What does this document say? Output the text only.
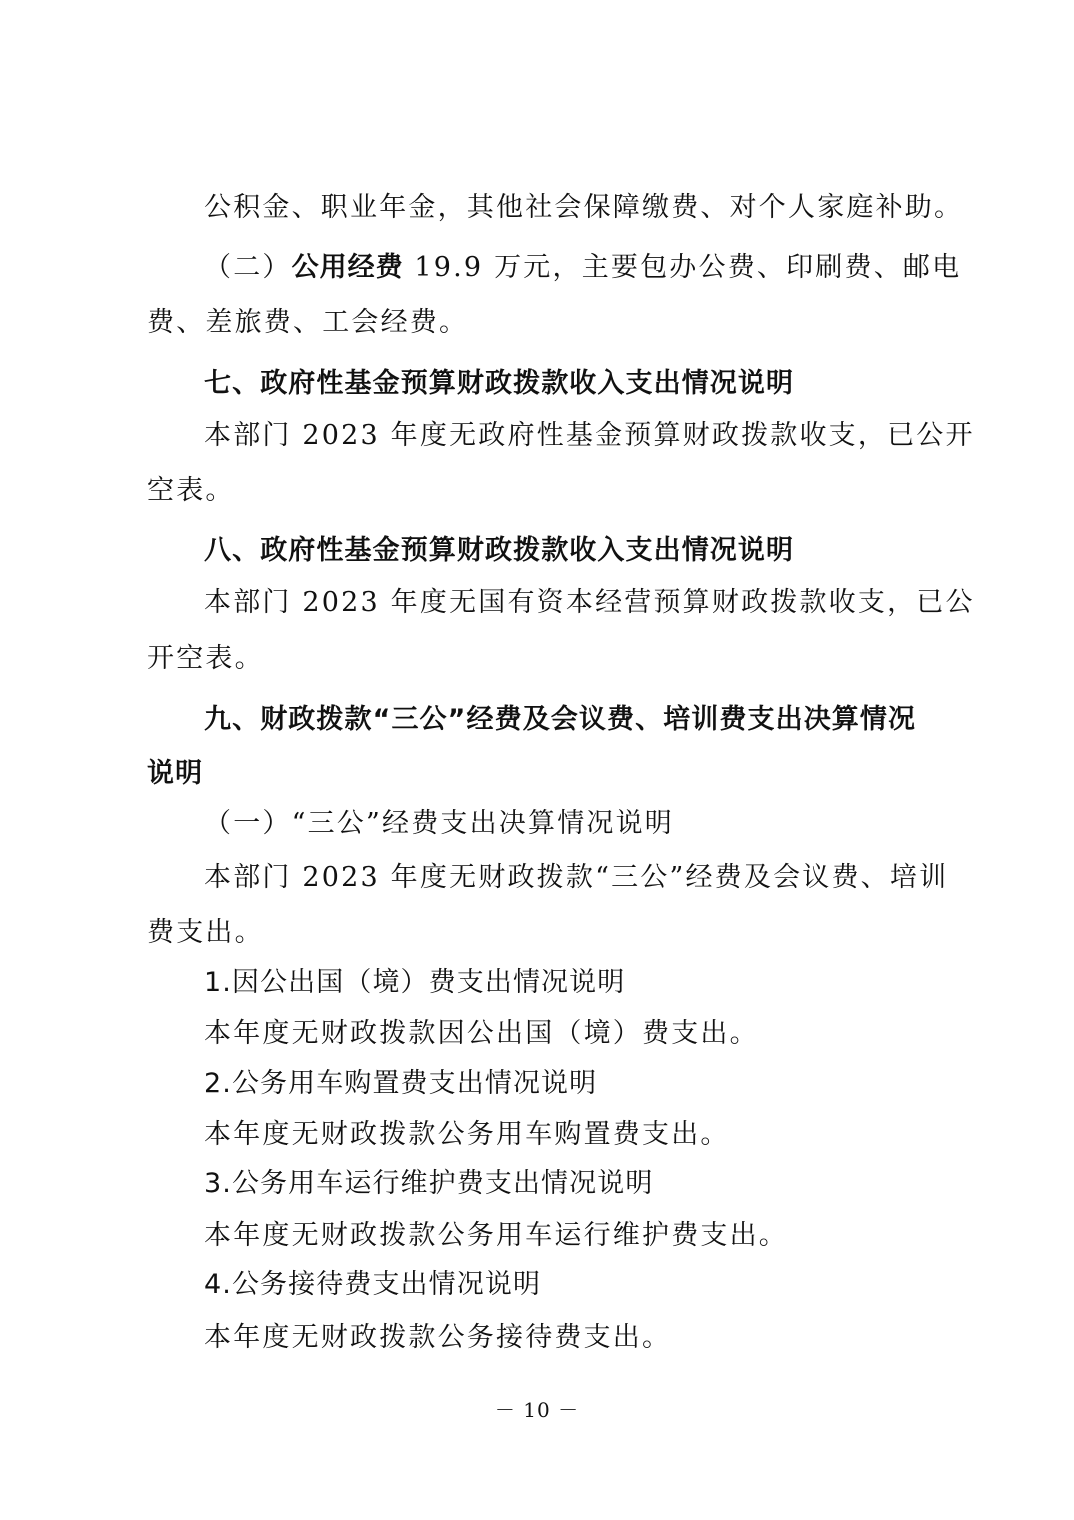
公积金、职业年金，其他社会保障缴费、对个人家庭补助。
（二）公用经费 19.9 万元，主要包办公费、印刷费、邮电
费、差旅费、工会经费。
七、政府性基金预算财政拨款收入支出情况说明
本部门 2023 年度无政府性基金预算财政拨款收支，已公开
空表。
八、政府性基金预算财政拨款收入支出情况说明
本部门 2023 年度无国有资本经营预算财政拨款收支，已公
开空表。
九、财政拨款“三公”经费及会议费、培训费支出决算情况
说明
（一）“三公”经费支出决算情况说明
本部门 2023 年度无财政拨款“三公”经费及会议费、培训
费支出。
1.因公出国（境）费支出情况说明
本年度无财政拨款因公出国（境）费支出。
2.公务用车购置费支出情况说明
本年度无财政拨款公务用车购置费支出。
3.公务用车运行维护费支出情况说明
本年度无财政拨款公务用车运行维护费支出。
4.公务接待费支出情况说明
本年度无财政拨款公务接待费支出。
－ 10 －
